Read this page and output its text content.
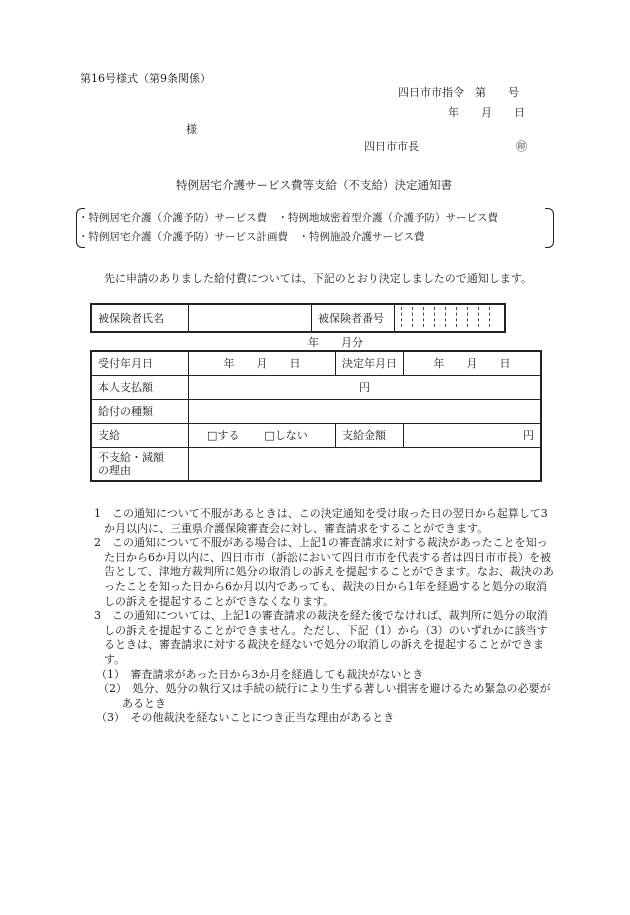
第16号様式（第9条関係）
四日市市指令　第　　号
年　　月　　日
様
四日市市長	㊞
特例居宅介護サービス費等支給（不支給）決定通知書
・特例居宅介護（介護予防）サービス費　・特例地域密着型介護（介護予防）サービス費
・特例居宅介護（介護予防）サービス計画費　・特例施設介護サービス費
先に申請のありました給付費については、下記のとおり決定しましたので通知します。
被保険者氏名		被保険者番号	
年　　月分
受付年月日	年　　月　　日	決定年月日	年　　月　　日
本人支払額	円		
給付の種類			
支給	□する □しない	支給金額	円
不支給・減額
の理由			

1　この通知について不服があるときは、この決定通知を受け取った日の翌日から起算して3か月以内に、三重県介護保険審査会に対し、審査請求をすることができます。

2　この通知について不服がある場合は、上記1の審査請求に対する裁決があったことを知った日から6か月以内に、四日市市（訴訟において四日市市を代表する者は四日市市長）を被告として、津地方裁判所に処分の取消しの訴えを提起することができます。なお、裁決のあったことを知った日から6か月以内であっても、裁決の日から1年を経過すると処分の取消しの訴えを提起することができなくなります。

3　この通知については、上記1の審査請求の裁決を経た後でなければ、裁判所に処分の取消しの訴えを提起することができません。ただし、下記（1）から（3）のいずれかに該当するときは、審査請求に対する裁決を経ないで処分の取消しの訴えを提起することができます。

（1）　審査請求があった日から3か月を経過しても裁決がないとき

（2）　処分、処分の執行又は手続の続行により生ずる著しい損害を避けるため緊急の必要があるとき

（3）　その他裁決を経ないことにつき正当な理由があるとき
